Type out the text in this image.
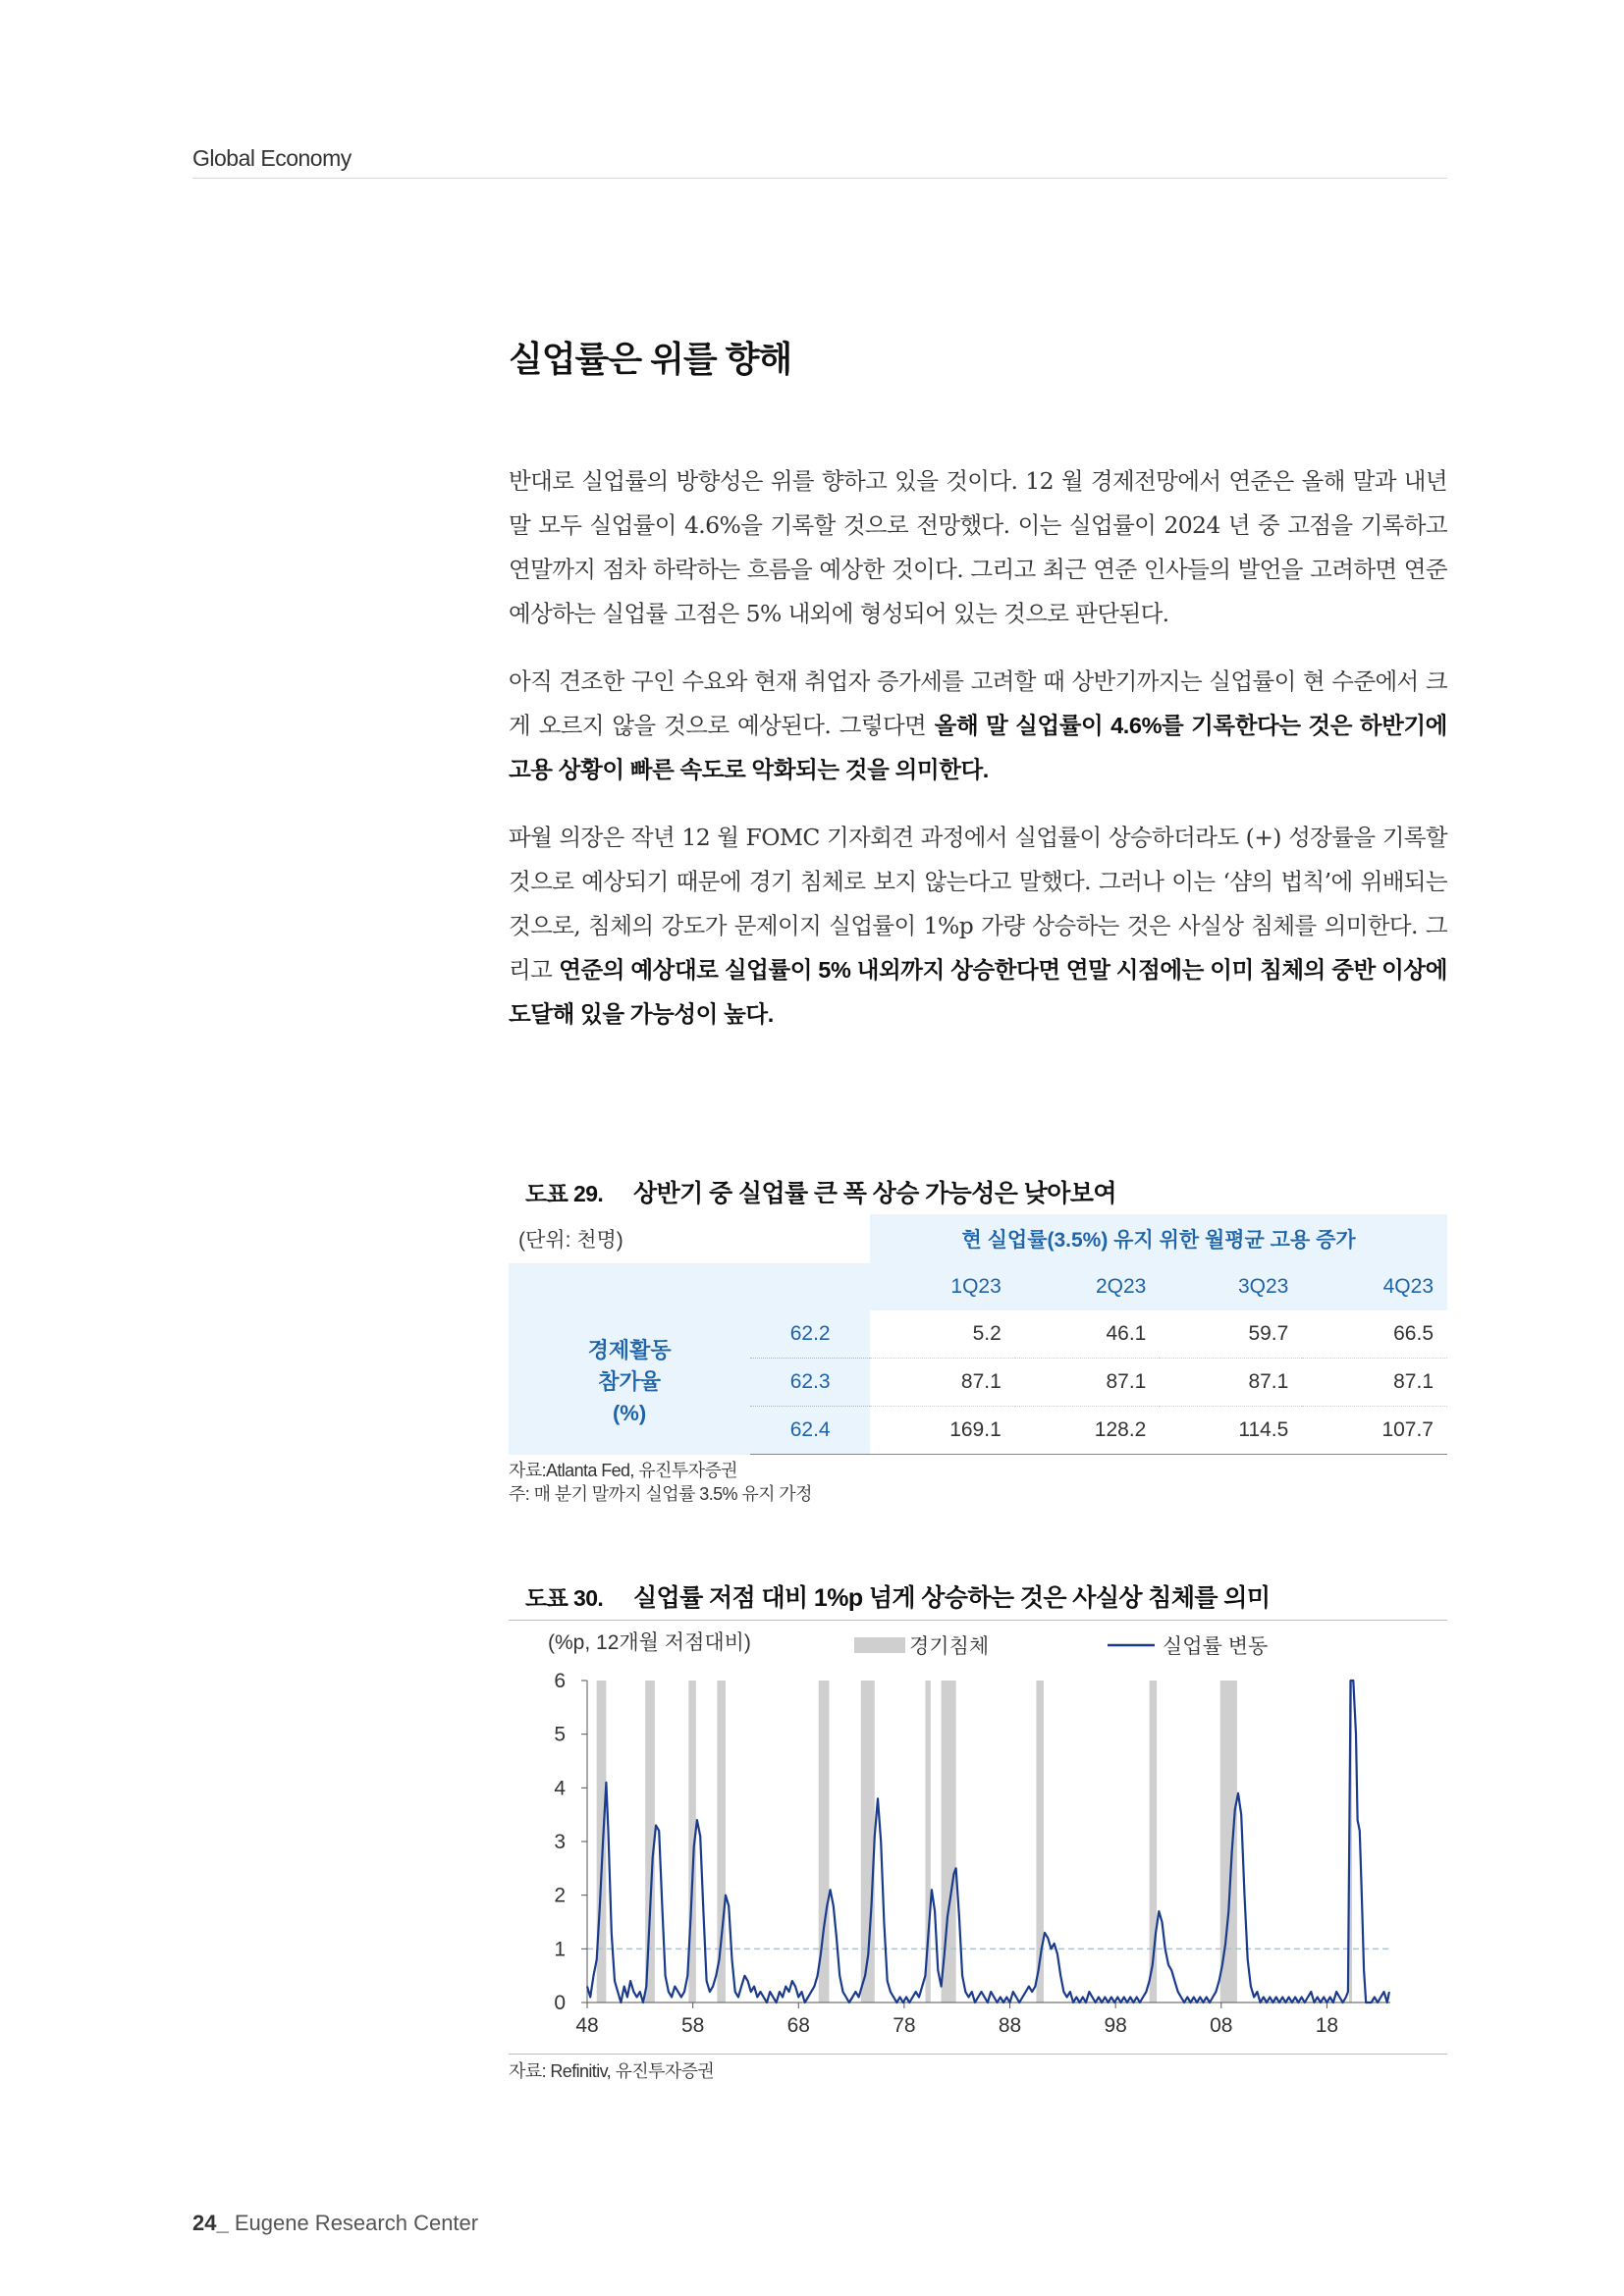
Global Economy
실업률은 위를 향해

반대로 실업률의 방향성은 위를 향하고 있을 것이다. 12 월 경제전망에서 연준은 올해 말과 내년 말 모두 실업률이 4.6%을 기록할 것으로 전망했다. 이는 실업률이 2024 년 중 고점을 기록하고 연말까지 점차 하락하는 흐름을 예상한 것이다. 그리고 최근 연준 인사들의 발언을 고려하면 연준 예상하는 실업률 고점은 5% 내외에 형성되어 있는 것으로 판단된다.

아직 견조한 구인 수요와 현재 취업자 증가세를 고려할 때 상반기까지는 실업률이 현 수준에서 크게 오르지 않을 것으로 예상된다. 그렇다면 올해 말 실업률이 4.6%를 기록한다는 것은 하반기에 고용 상황이 빠른 속도로 악화되는 것을 의미한다.

파월 의장은 작년 12 월 FOMC 기자회견 과정에서 실업률이 상승하더라도 (+) 성장률을 기록할 것으로 예상되기 때문에 경기 침체로 보지 않는다고 말했다. 그러나 이는 ‘샴의 법칙’에 위배되는 것으로, 침체의 강도가 문제이지 실업률이 1%p 가량 상승하는 것은 사실상 침체를 의미한다. 그리고 연준의 예상대로 실업률이 5% 내외까지 상승한다면 연말 시점에는 이미 침체의 중반 이상에 도달해 있을 가능성이 높다.

도표 29. 상반기 중 실업률 큰 폭 상승 가능성은 낮아보여
(단위: 천명)		현 실업률(3.5%) 유지 위한 월평균 고용 증가			
		1Q23	2Q23	3Q23	4Q23

경제활동
참가율
(%)	62.2	5.2	46.1	59.7	66.5
	62.3	87.1	87.1	87.1	87.1
	62.4	169.1	128.2	114.5	107.7
자료:Atlanta Fed, 유진투자증권
주: 매 분기 말까지 실업률 3.5% 유지 가정
도표 30. 실업률 저점 대비 1%p 넘게 상승하는 것은 사실상 침체를 의미
0
1
2
3
4
5
6
48	58	68	78	88	98	08	18
(%p, 12개월 저점대비)	경기침체	실업률 변동
자료: Refinitiv, 유진투자증권
24_ Eugene Research Center
